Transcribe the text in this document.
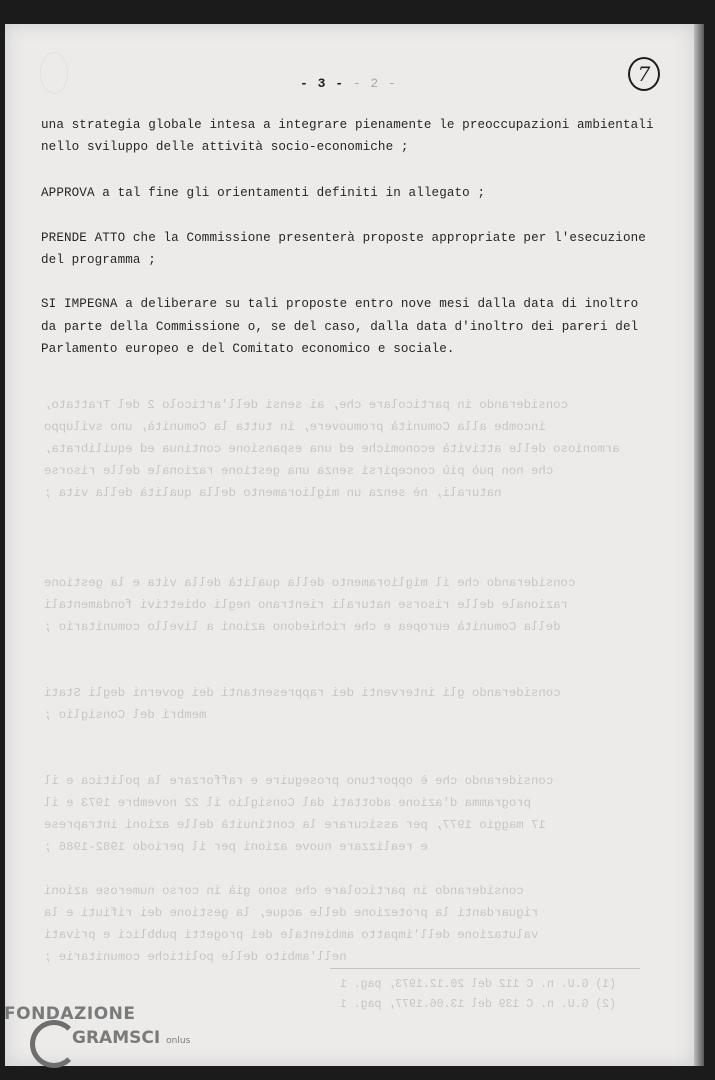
- 3 - - 2 -	7
considerando in particolare che, ai sensi dell'articolo 2 del Trattato,
incombe alla Comunità promuovere, in tutta la Comunità, uno sviluppo
armonioso delle attività economiche ed una espansione continua ed equilibrata,
che non può più concepirsi senza una gestione razionale delle risorse
naturali, nè senza un miglioramento della qualità della vita ;
considerando che il miglioramento della qualità della vita e la gestione
razionale delle risorse naturali rientrano negli obiettivi fondamentali
della Comunità europea e che richiedono azioni a livello comunitario ;
considerando gli interventi dei rappresentanti dei governi degli Stati
membri del Consiglio ;
considerando che è opportuno proseguire e rafforzare la politica e il
programma d'azione adottati dal Consiglio il 22 novembre 1973 e il
17 maggio 1977, per assicurare la continuità delle azioni intraprese
e realizzare nuove azioni per il periodo 1982-1986 ;
considerando in particolare che sono già in corso numerose azioni
riguardanti la protezione delle acque, la gestione dei rifiuti e la
valutazione dell'impatto ambientale dei progetti pubblici e privati
nell'ambito delle politiche comunitarie ;
(1) G.U. n. C 112 del 20.12.1973, pag. 1
(2) G.U. n. C 139 del 13.06.1977, pag. 1
una strategia globale intesa a integrare pienamente le preoccupazioni ambientali
nello sviluppo delle attività socio-economiche ;
APPROVA a tal fine gli orientamenti definiti in allegato ;
PRENDE ATTO che la Commissione presenterà proposte appropriate per l'esecuzione
del programma ;
SI IMPEGNA a deliberare su tali proposte entro nove mesi dalla data di inoltro
da parte della Commissione o, se del caso, dalla data d'inoltro dei pareri del
Parlamento europeo e del Comitato economico e sociale.
FONDAZIONE
GRAMSCI onlus
